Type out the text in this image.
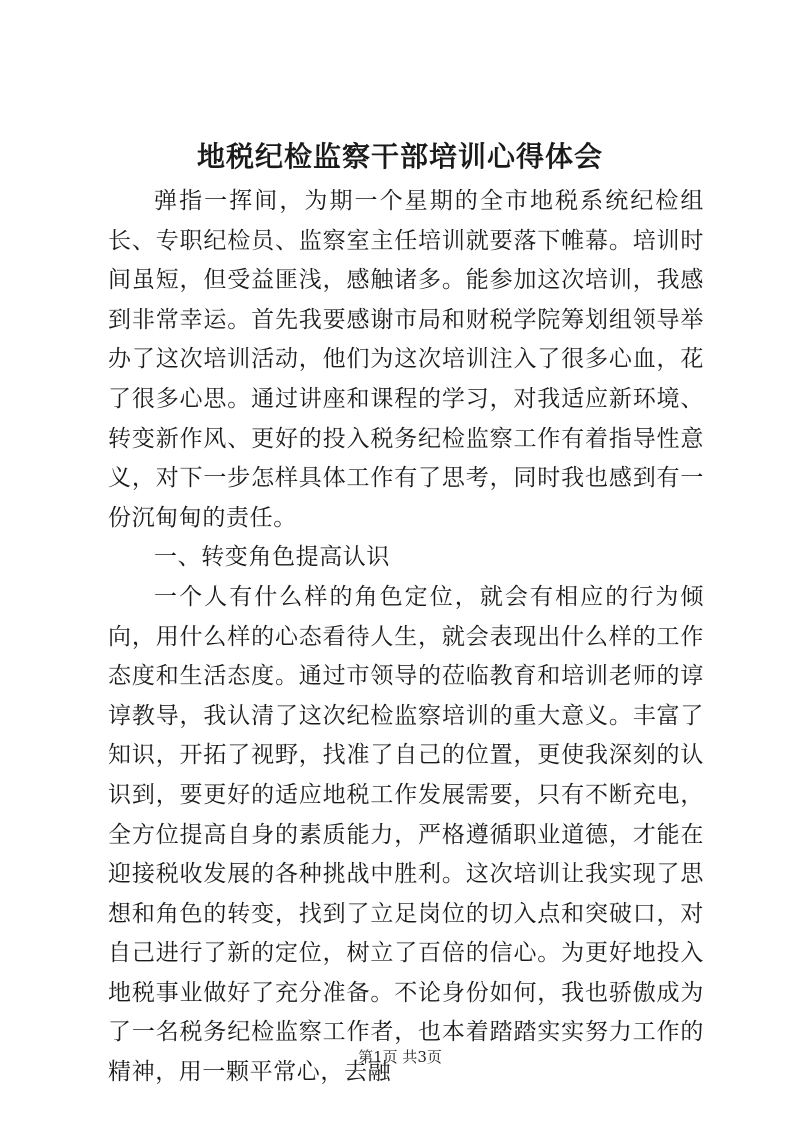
地税纪检监察干部培训心得体会

弹指一挥间，为期一个星期的全市地税系统纪检组长、专职纪检员、监察室主任培训就要落下帷幕。培训时间虽短，但受益匪浅，感触诸多。能参加这次培训，我感到非常幸运。首先我要感谢市局和财税学院筹划组领导举办了这次培训活动，他们为这次培训注入了很多心血，花了很多心思。通过讲座和课程的学习，对我适应新环境、转变新作风、更好的投入税务纪检监察工作有着指导性意义，对下一步怎样具体工作有了思考，同时我也感到有一份沉甸甸的责任。

一、转变角色提高认识

一个人有什么样的角色定位，就会有相应的行为倾向，用什么样的心态看待人生，就会表现出什么样的工作态度和生活态度。通过市领导的莅临教育和培训老师的谆谆教导，我认清了这次纪检监察培训的重大意义。丰富了知识，开拓了视野，找准了自己的位置，更使我深刻的认识到，要更好的适应地税工作发展需要，只有不断充电，全方位提高自身的素质能力，严格遵循职业道德，才能在迎接税收发展的各种挑战中胜利。这次培训让我实现了思想和角色的转变，找到了立足岗位的切入点和突破口，对自己进行了新的定位，树立了百倍的信心。为更好地投入地税事业做好了充分准备。不论身份如何，我也骄傲成为了一名税务纪检监察工作者，也本着踏踏实实努力工作的精神，用一颗平常心，去融

第1页 共3页
